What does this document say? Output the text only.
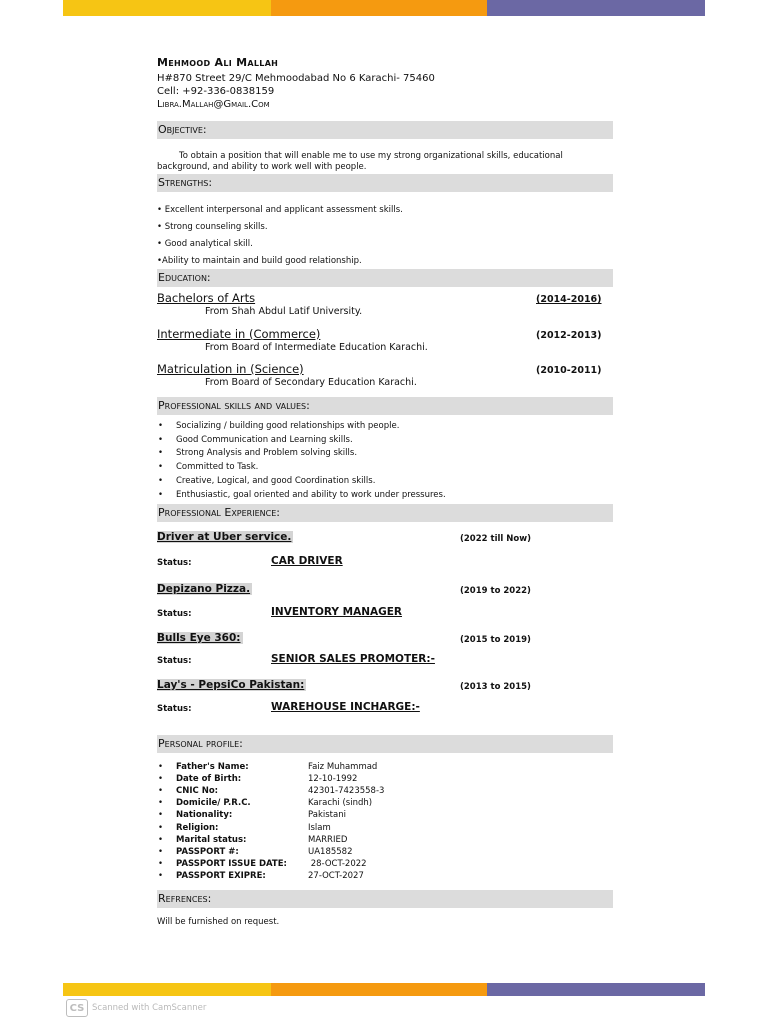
Mehmood Ali Mallah
H#870 Street 29/C Mehmoodabad No 6 Karachi- 75460
Cell: +92-336-0838159
Libra.Mallah@Gmail.Com
Objective:
To obtain a position that will enable me to use my strong organizational skills, educational background, and ability to work well with people.
Strengths:
• Excellent interpersonal and applicant assessment skills.
• Strong counseling skills.
• Good analytical skill.
•Ability to maintain and build good relationship.
Education:
Bachelors of Arts
From Shah Abdul Latif University.
(2014-2016)
Intermediate in (Commerce)
From Board of Intermediate Education Karachi.
(2012-2013)
Matriculation in (Science)
From Board of Secondary Education Karachi.
(2010-2011)
Professional skills and values:
• Socializing / building good relationships with people.
• Good Communication and Learning skills.
• Strong Analysis and Problem solving skills.
• Committed to Task.
• Creative, Logical, and good Coordination skills.
• Enthusiastic, goal oriented and ability to work under pressures.
Professional Experience:
Driver at Uber service.	(2022 till Now)
Status:	CAR DRIVER
Depizano Pizza.	(2019 to 2022)
Status:	INVENTORY MANAGER
Bulls Eye 360:	(2015 to 2019)
Status:	SENIOR SALES PROMOTER:-
Lay's - PepsiCo Pakistan:	(2013 to 2015)
Status:	WAREHOUSE INCHARGE:-
Personal profile:
• Father's Name:	Faiz Muhammad
• Date of Birth:	12-10-1992
• CNIC No:	42301-7423558-3
• Domicile/ P.R.C.	Karachi (sindh)
• Nationality:	Pakistani
• Religion:	Islam
• Marital status:	MARRIED
• PASSPORT #:	UA185582
• PASSPORT ISSUE DATE: 28-OCT-2022
• PASSPORT EXIPRE:	27-OCT-2027
Refrences:
Will be furnished on request.
CS Scanned with CamScanner
